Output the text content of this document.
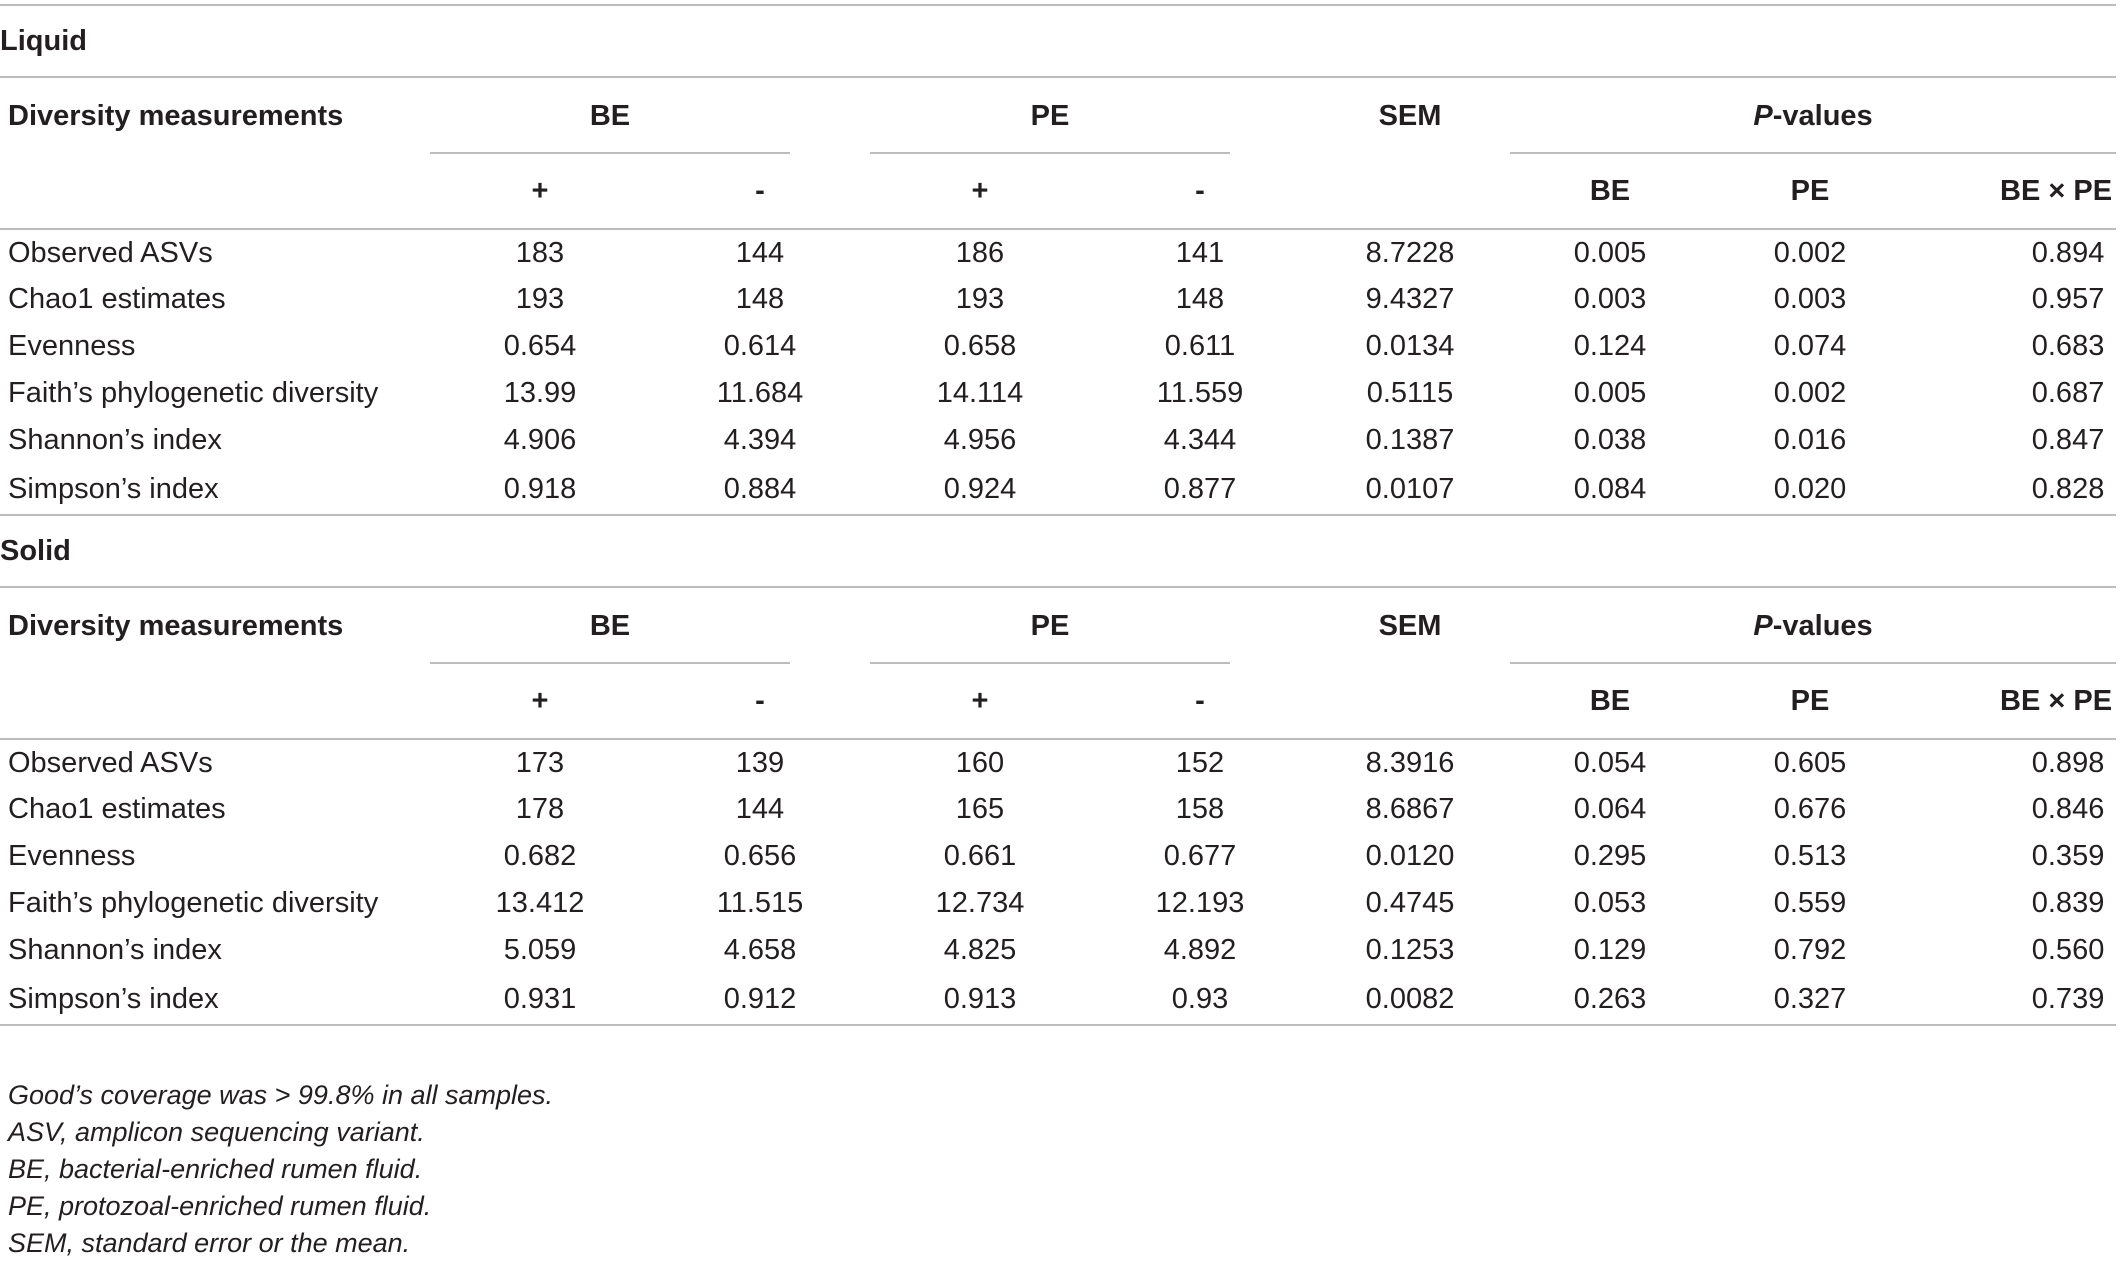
Liquid								
Diversity measurements	BE		PE		SEM	P-values		
	+	-	+	-		BE	PE	BE × PE
Observed ASVs	183	144	186	141	8.7228	0.005	0.002	0.894
Chao1 estimates	193	148	193	148	9.4327	0.003	0.003	0.957
Evenness	0.654	0.614	0.658	0.611	0.0134	0.124	0.074	0.683
Faith’s phylogenetic diversity	13.99	11.684	14.114	11.559	0.5115	0.005	0.002	0.687
Shannon’s index	4.906	4.394	4.956	4.344	0.1387	0.038	0.016	0.847
Simpson’s index	0.918	0.884	0.924	0.877	0.0107	0.084	0.020	0.828
Solid								
Diversity measurements	BE		PE		SEM	P-values		
	+	-	+	-		BE	PE	BE × PE
Observed ASVs	173	139	160	152	8.3916	0.054	0.605	0.898
Chao1 estimates	178	144	165	158	8.6867	0.064	0.676	0.846
Evenness	0.682	0.656	0.661	0.677	0.0120	0.295	0.513	0.359
Faith’s phylogenetic diversity	13.412	11.515	12.734	12.193	0.4745	0.053	0.559	0.839
Shannon’s index	5.059	4.658	4.825	4.892	0.1253	0.129	0.792	0.560
Simpson’s index	0.931	0.912	0.913	0.93	0.0082	0.263	0.327	0.739

Good’s coverage was > 99.8% in all samples.
ASV, amplicon sequencing variant.
BE, bacterial-enriched rumen fluid.
PE, protozoal-enriched rumen fluid.
SEM, standard error or the mean.
